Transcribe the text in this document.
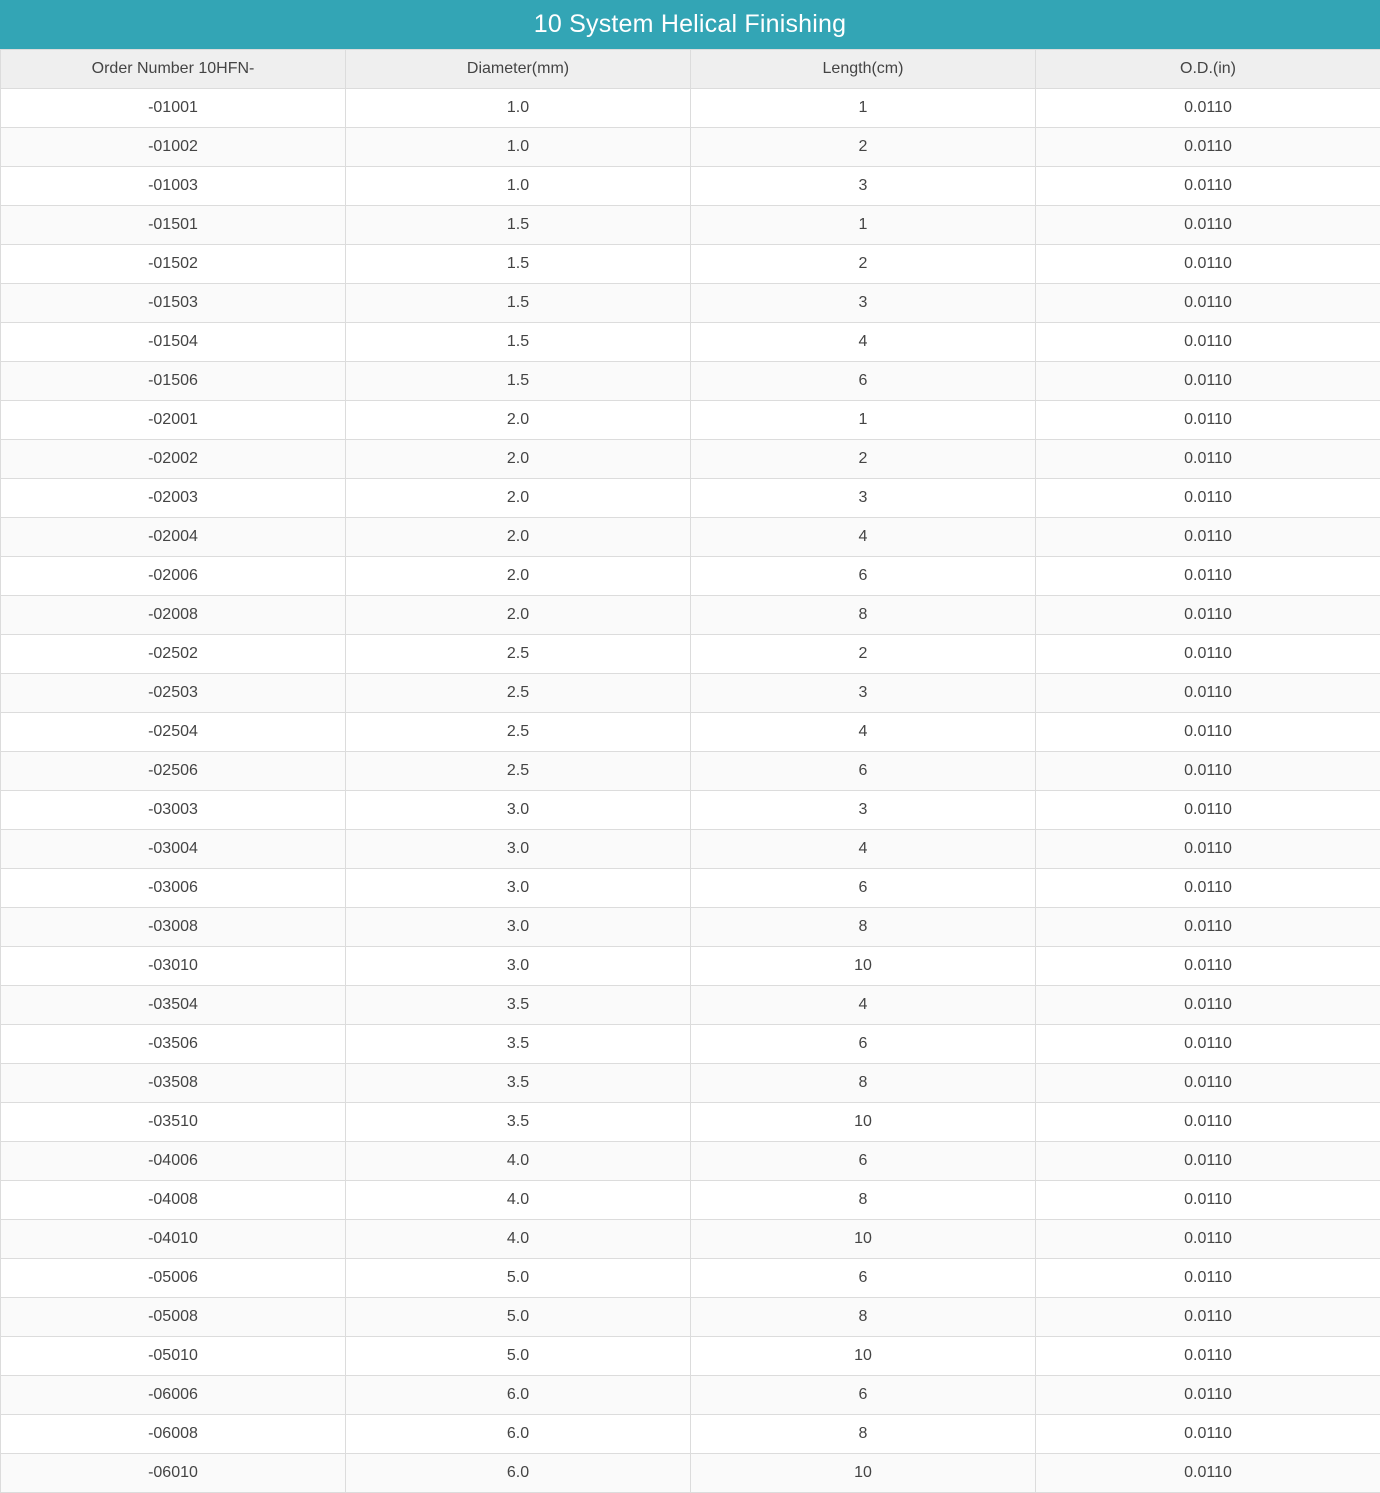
10 System Helical Finishing
Order Number 10HFN-	Diameter(mm)	Length(cm)	O.D.(in)
-01001	1.0	1	0.0110
-01002	1.0	2	0.0110
-01003	1.0	3	0.0110
-01501	1.5	1	0.0110
-01502	1.5	2	0.0110
-01503	1.5	3	0.0110
-01504	1.5	4	0.0110
-01506	1.5	6	0.0110
-02001	2.0	1	0.0110
-02002	2.0	2	0.0110
-02003	2.0	3	0.0110
-02004	2.0	4	0.0110
-02006	2.0	6	0.0110
-02008	2.0	8	0.0110
-02502	2.5	2	0.0110
-02503	2.5	3	0.0110
-02504	2.5	4	0.0110
-02506	2.5	6	0.0110
-03003	3.0	3	0.0110
-03004	3.0	4	0.0110
-03006	3.0	6	0.0110
-03008	3.0	8	0.0110
-03010	3.0	10	0.0110
-03504	3.5	4	0.0110
-03506	3.5	6	0.0110
-03508	3.5	8	0.0110
-03510	3.5	10	0.0110
-04006	4.0	6	0.0110
-04008	4.0	8	0.0110
-04010	4.0	10	0.0110
-05006	5.0	6	0.0110
-05008	5.0	8	0.0110
-05010	5.0	10	0.0110
-06006	6.0	6	0.0110
-06008	6.0	8	0.0110
-06010	6.0	10	0.0110
